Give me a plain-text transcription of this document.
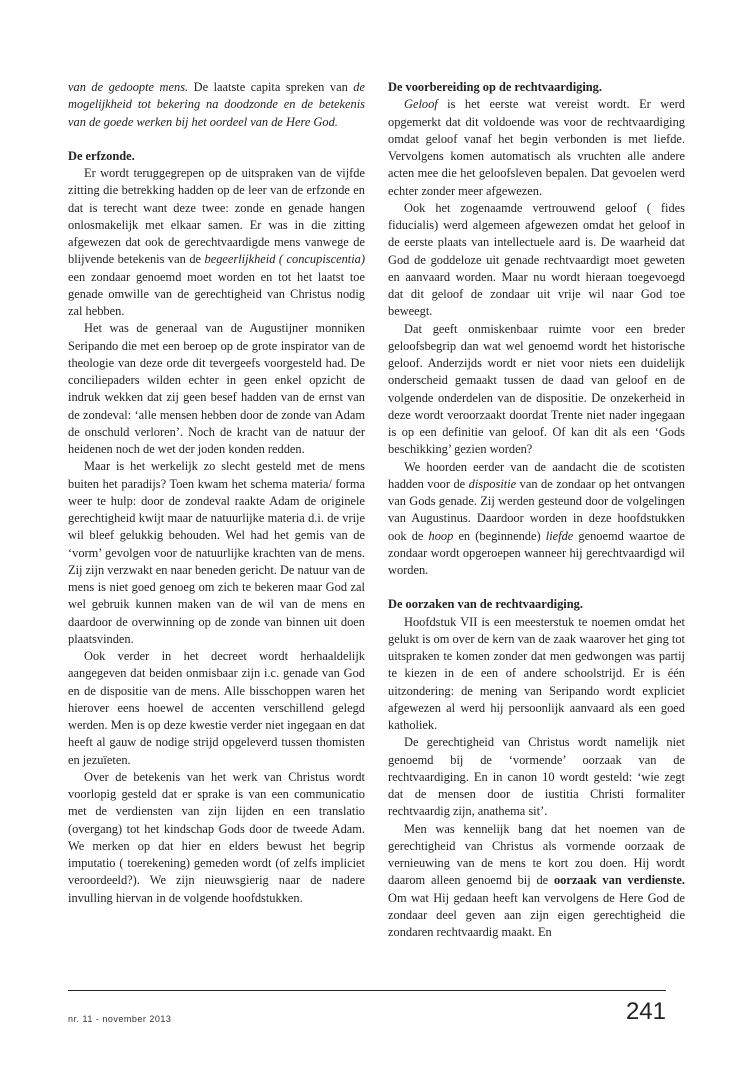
van de gedoopte mens. De laatste capita spreken van de mogelijkheid tot bekering na doodzonde en de betekenis van de goede werken bij het oordeel van de Here God.

De erfzonde.

Er wordt teruggegrepen op de uitspraken van de vijfde zitting die betrekking hadden op de leer van de erfzonde en dat is terecht want deze twee: zonde en genade hangen onlosmakelijk met elkaar samen. Er was in die zitting afgewezen dat ook de gerechtvaardigde mens vanwege de blijvende betekenis van de begeerlijkheid ( concupiscentia) een zondaar genoemd moet worden en tot het laatst toe genade omwille van de gerechtigheid van Christus nodig zal hebben.

Het was de generaal van de Augustijner monniken Seripando die met een beroep op de grote inspirator van de theologie van deze orde dit tevergeefs voorgesteld had. De conciliepaders wilden echter in geen enkel opzicht de indruk wekken dat zij geen besef hadden van de ernst van de zondeval: ‘alle mensen hebben door de zonde van Adam de onschuld verloren’. Noch de kracht van de natuur der heidenen noch de wet der joden konden redden.

Maar is het werkelijk zo slecht gesteld met de mens buiten het paradijs? Toen kwam het schema materia/ forma weer te hulp: door de zondeval raakte Adam de originele gerechtigheid kwijt maar de natuurlijke materia d.i. de vrije wil bleef gelukkig behouden. Wel had het gemis van de ‘vorm’ gevolgen voor de natuurlijke krachten van de mens. Zij zijn verzwakt en naar beneden gericht. De natuur van de mens is niet goed genoeg om zich te bekeren maar God zal wel gebruik kunnen maken van de wil van de mens en daardoor de overwinning op de zonde van binnen uit doen plaatsvinden.

Ook verder in het decreet wordt herhaaldelijk aangegeven dat beiden onmisbaar zijn i.c. genade van God en de dispositie van de mens. Alle bisschoppen waren het hierover eens hoewel de accenten verschillend gelegd werden. Men is op deze kwestie verder niet ingegaan en dat heeft al gauw de nodige strijd opgeleverd tussen thomisten en jezuïeten.

Over de betekenis van het werk van Christus wordt voorlopig gesteld dat er sprake is van een communicatio met de verdiensten van zijn lijden en een translatio (overgang) tot het kindschap Gods door de tweede Adam. We merken op dat hier en elders bewust het begrip imputatio ( toerekening) gemeden wordt (of zelfs impliciet veroordeeld?). We zijn nieuwsgierig naar de nadere invulling hiervan in de volgende hoofdstukken.

De voorbereiding op de rechtvaardiging.

Geloof is het eerste wat vereist wordt. Er werd opgemerkt dat dit voldoende was voor de rechtvaardiging omdat geloof vanaf het begin verbonden is met liefde. Vervolgens komen automatisch als vruchten alle andere acten mee die het geloofsleven bepalen. Dat gevoelen werd echter zonder meer afgewezen.

Ook het zogenaamde vertrouwend geloof ( fides fiducialis) werd algemeen afgewezen omdat het geloof in de eerste plaats van intellectuele aard is. De waarheid dat God de goddeloze uit genade rechtvaardigt moet geweten en aanvaard worden. Maar nu wordt hieraan toegevoegd dat dit geloof de zondaar uit vrije wil naar God toe beweegt.

Dat geeft onmiskenbaar ruimte voor een breder geloofsbegrip dan wat wel genoemd wordt het historische geloof. Anderzijds wordt er niet voor niets een duidelijk onderscheid gemaakt tussen de daad van geloof en de volgende onderdelen van de dispositie. De onzekerheid in deze wordt veroorzaakt doordat Trente niet nader ingegaan is op een definitie van geloof. Of kan dit als een ‘Gods beschikking’ gezien worden?

We hoorden eerder van de aandacht die de scotisten hadden voor de dispositie van de zondaar op het ontvangen van Gods genade. Zij werden gesteund door de volgelingen van Augustinus. Daardoor worden in deze hoofdstukken ook de hoop en (beginnende) liefde genoemd waartoe de zondaar wordt opgeroepen wanneer hij gerechtvaardigd wil worden.

De oorzaken van de rechtvaardiging.

Hoofdstuk VII is een meesterstuk te noemen omdat het gelukt is om over de kern van de zaak waarover het ging tot uitspraken te komen zonder dat men gedwongen was partij te kiezen in de een of andere schoolstrijd. Er is één uitzondering: de mening van Seripando wordt expliciet afgewezen al werd hij persoonlijk aanvaard als een goed katholiek.

De gerechtigheid van Christus wordt namelijk niet genoemd bij de ‘vormende’ oorzaak van de rechtvaardiging. En in canon 10 wordt gesteld: ‘wie zegt dat de mensen door de iustitia Christi formaliter rechtvaardig zijn, anathema sit’.

Men was kennelijk bang dat het noemen van de gerechtigheid van Christus als vormende oorzaak de vernieuwing van de mens te kort zou doen. Hij wordt daarom alleen genoemd bij de oorzaak van verdienste. Om wat Hij gedaan heeft kan vervolgens de Here God de zondaar deel geven aan zijn eigen gerechtigheid die zondaren rechtvaardig maakt. En

nr. 11 - november 2013	241
